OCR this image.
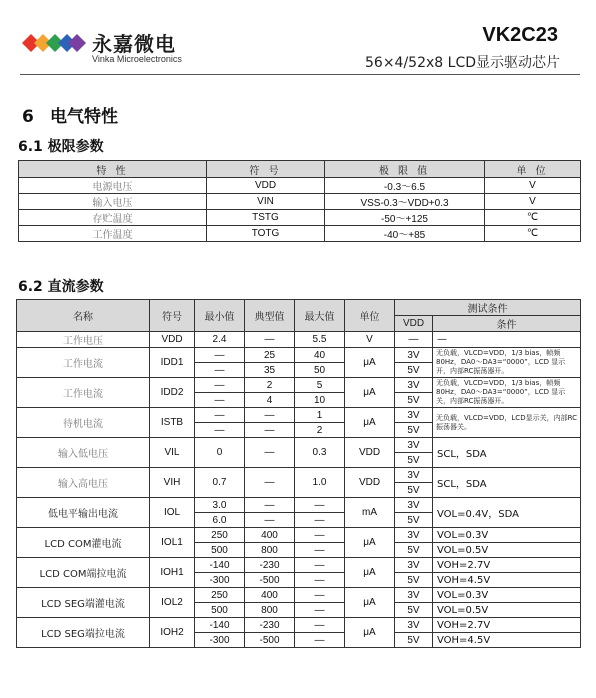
永嘉微电
Vinka Microelectronics
VK2C23
56×4/52x8 LCD显示驱动芯片
6 电气特性
6.1 极限参数
特 性	符 号	极 限 值	单 位
电源电压	VDD	-0.3～6.5	V
输入电压	VIN	VSS-0.3～VDD+0.3	V
存贮温度	TSTG	-50～+125	℃
工作温度	TOTG	-40～+85	℃
6.2 直流参数
名称	符号	最小值	典型值	最大值	单位	测试条件	
						VDD	条件
工作电压	VDD	2.4	—	5.5	V	—	—
工作电流	IDD1	—	25	40	μA	3V	无负载，VLCD=VDD，1/3 bias，帧频80Hz，DA0～DA3=“0000”，LCD 显示开，内部RC振荡器开。
		—	35	50		5V	
工作电流	IDD2	—	2	5	μA	3V	无负载，VLCD=VDD，1/3 bias，帧频80Hz，DA0～DA3=“0000”，LCD 显示关，内部RC振荡器开。
		—	4	10		5V	
待机电流	ISTB	—	—	1	μA	3V	无负载，VLCD=VDD，LCD显示关，内部RC振荡器关。
		—	—	2		5V	
输入低电压	VIL	0	—	0.3	VDD	3V	SCL，SDA
						5V	
输入高电压	VIH	0.7	—	1.0	VDD	3V	SCL，SDA
						5V	
低电平输出电流	IOL	3.0	—	—	mA	3V	VOL=0.4V，SDA
		6.0	—	—		5V	
LCD COM灌电流	IOL1	250	400	—	μA	3V	VOL=0.3V
		500	800	—		5V	VOL=0.5V
LCD COM端拉电流	IOH1	-140	-230	—	μA	3V	VOH=2.7V
		-300	-500	—		5V	VOH=4.5V
LCD SEG端灌电流	IOL2	250	400	—	μA	3V	VOL=0.3V
		500	800	—		5V	VOL=0.5V
LCD SEG端拉电流	IOH2	-140	-230	—	μA	3V	VOH=2.7V
		-300	-500	—		5V	VOH=4.5V
